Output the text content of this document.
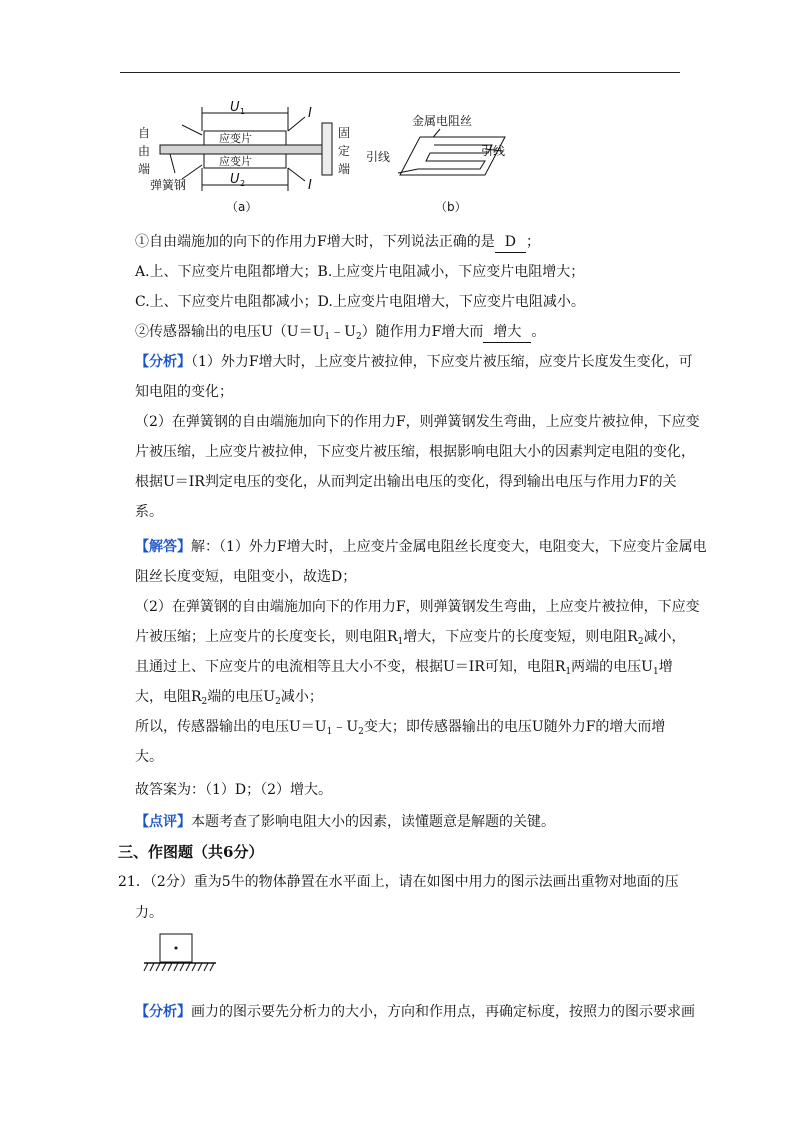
U 1
应变片
应变片
U 2
I
I
自
由
端
弹簧钢
固
定
端
（a）
金属电阻丝
引线	引线
（b）
①自由端施加的向下的作用力F增大时，下列说法正确的是 D ；
A.上、下应变片电阻都增大；B.上应变片电阻减小，下应变片电阻增大；
C.上、下应变片电阻都减小；D.上应变片电阻增大，下应变片电阻减小。
②传感器输出的电压$U(U=U_1﹣U_2)$随作用力F增大而 增大 。
【分析】（1）外力F增大时，上应变片被拉伸，下应变片被压缩，应变片长度发生变化，可
知电阻的变化；
（2）在弹簧钢的自由端施加向下的作用力F，则弹簧钢发生弯曲，上应变片被拉伸，下应变
片被压缩，上应变片被拉伸，下应变片被压缩，根据影响电阻大小的因素判定电阻的变化，
根据U＝IR判定电压的变化，从而判定出输出电压的变化，得到输出电压与作用力F的关
系。
【解答】解：（1）外力F增大时，上应变片金属电阻丝长度变大，电阻变大，下应变片金属电
阻丝长度变短，电阻变小，故选D；
（2）在弹簧钢的自由端施加向下的作用力F，则弹簧钢发生弯曲，上应变片被拉伸，下应变
片被压缩；上应变片的长度变长，则电阻$R_1$增大，下应变片的长度变短，则电阻$R_2$减小，
且通过上、下应变片的电流相等且大小不变，根据U＝IR可知，电阻$R_1$两端的电压$U_1$增
大，电阻$R_2$端的电压$U_2$减小；
所以，传感器输出的电压$U=U_1﹣U_2$变大；即传感器输出的电压U随外力F的增大而增
大。
故答案为：（1）D；（2）增大。
【点评】本题考查了影响电阻大小的因素，读懂题意是解题的关键。
三、作图题（共6分）
21．（2分）重为5牛的物体静置在水平面上，请在如图中用力的图示法画出重物对地面的压
力。
【分析】画力的图示要先分析力的大小，方向和作用点，再确定标度，按照力的图示要求画
